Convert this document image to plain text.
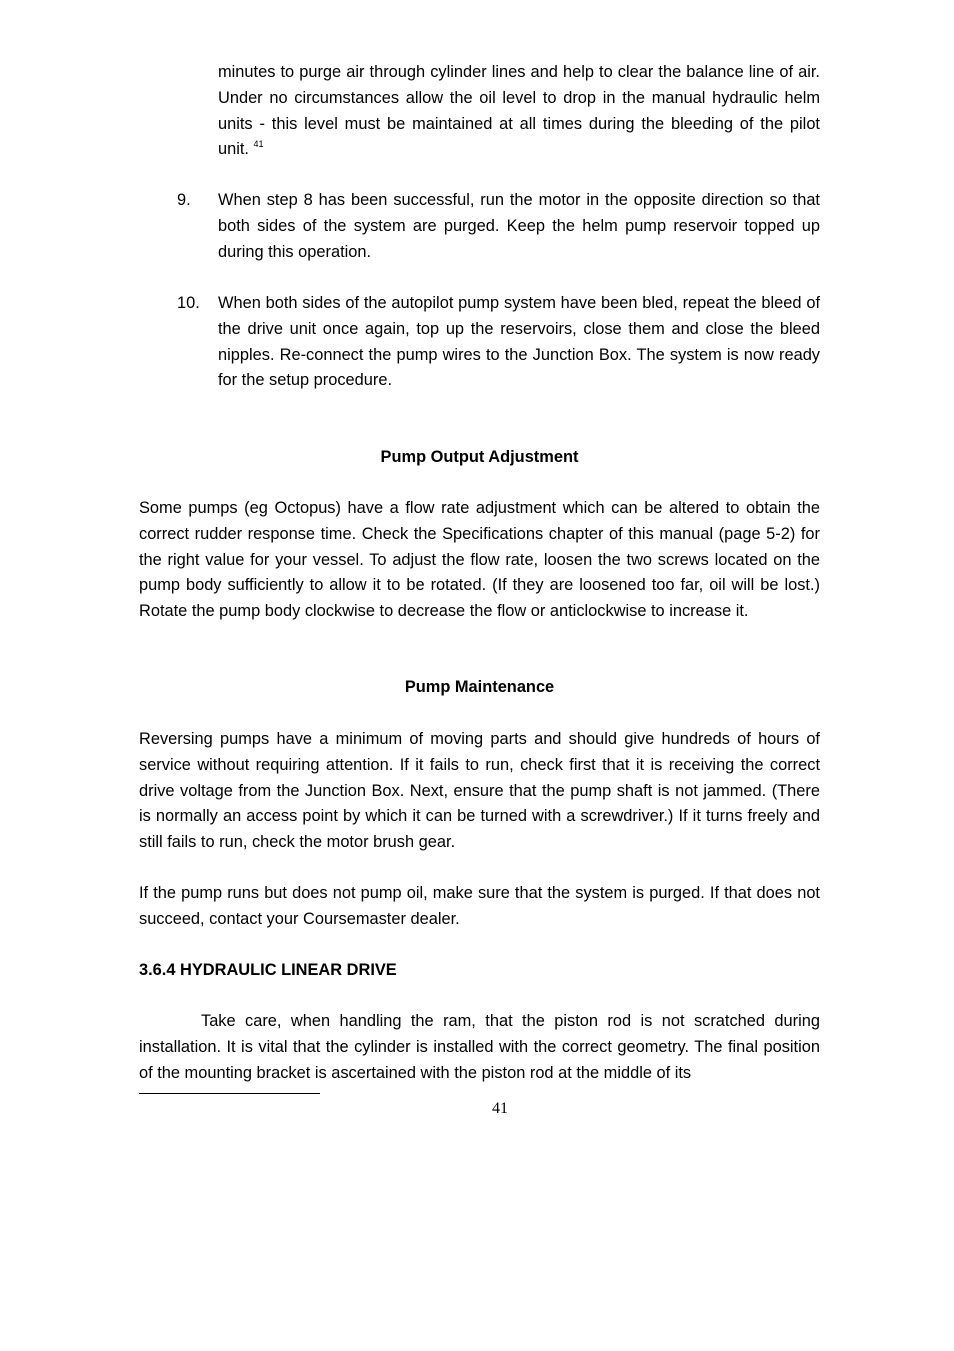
minutes to purge air through cylinder lines and help to clear the balance line of air. Under no circumstances allow the oil level to drop in the manual hydraulic helm units - this level must be maintained at all times during the bleeding of the pilot unit. $^{41}$

9. When step 8 has been successful, run the motor in the opposite direction so that both sides of the system are purged. Keep the helm pump reservoir topped up during this operation.

10. When both sides of the autopilot pump system have been bled, repeat the bleed of the drive unit once again, top up the reservoirs, close them and close the bleed nipples. Re-connect the pump wires to the Junction Box. The system is now ready for the setup procedure.

Pump Output Adjustment

Some pumps (eg Octopus) have a flow rate adjustment which can be altered to obtain the correct rudder response time. Check the Specifications chapter of this manual (page 5-2) for the right value for your vessel. To adjust the flow rate, loosen the two screws located on the pump body sufficiently to allow it to be rotated. (If they are loosened too far, oil will be lost.) Rotate the pump body clockwise to decrease the flow or anticlockwise to increase it.

Pump Maintenance

Reversing pumps have a minimum of moving parts and should give hundreds of hours of service without requiring attention. If it fails to run, check first that it is receiving the correct drive voltage from the Junction Box. Next, ensure that the pump shaft is not jammed. (There is normally an access point by which it can be turned with a screwdriver.) If it turns freely and still fails to run, check the motor brush gear.

If the pump runs but does not pump oil, make sure that the system is purged. If that does not succeed, contact your Coursemaster dealer.

3.6.4 HYDRAULIC LINEAR DRIVE

Take care, when handling the ram, that the piston rod is not scratched during installation. It is vital that the cylinder is installed with the correct geometry. The final position of the mounting bracket is ascertained with the piston rod at the middle of its

41
